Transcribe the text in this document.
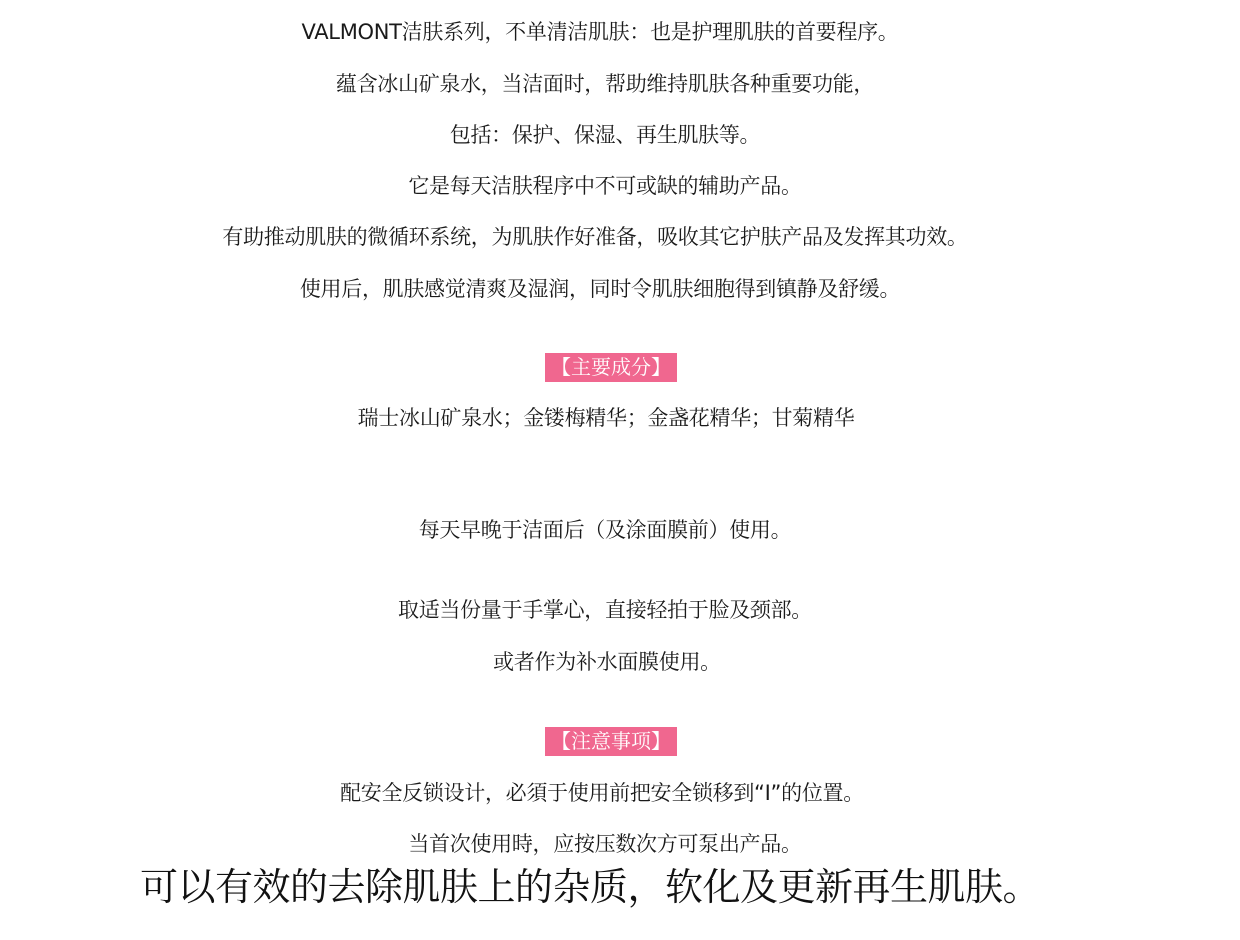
VALMONT洁肤系列，不单清洁肌肤：也是护理肌肤的首要程序。
蕴含冰山矿泉水，当洁面时，帮助维持肌肤各种重要功能，
包括：保护、保湿、再生肌肤等。
它是每天洁肤程序中不可或缺的辅助产品。
有助推动肌肤的微循环系统，为肌肤作好准备，吸收其它护肤产品及发挥其功效。
使用后，肌肤感觉清爽及湿润，同时令肌肤细胞得到镇静及舒缓。
【主要成分】
瑞士冰山矿泉水；金镂梅精华；金盏花精华；甘菊精华
每天早晚于洁面后（及涂面膜前）使用。
取适当份量于手掌心，直接轻拍于脸及颈部。
或者作为补水面膜使用。
【注意事项】
配安全反锁设计，必須于使用前把安全锁移到“I”的位置。
当首次使用時，应按压数次方可泵出产品。
可以有效的去除肌肤上的杂质，软化及更新再生肌肤。
